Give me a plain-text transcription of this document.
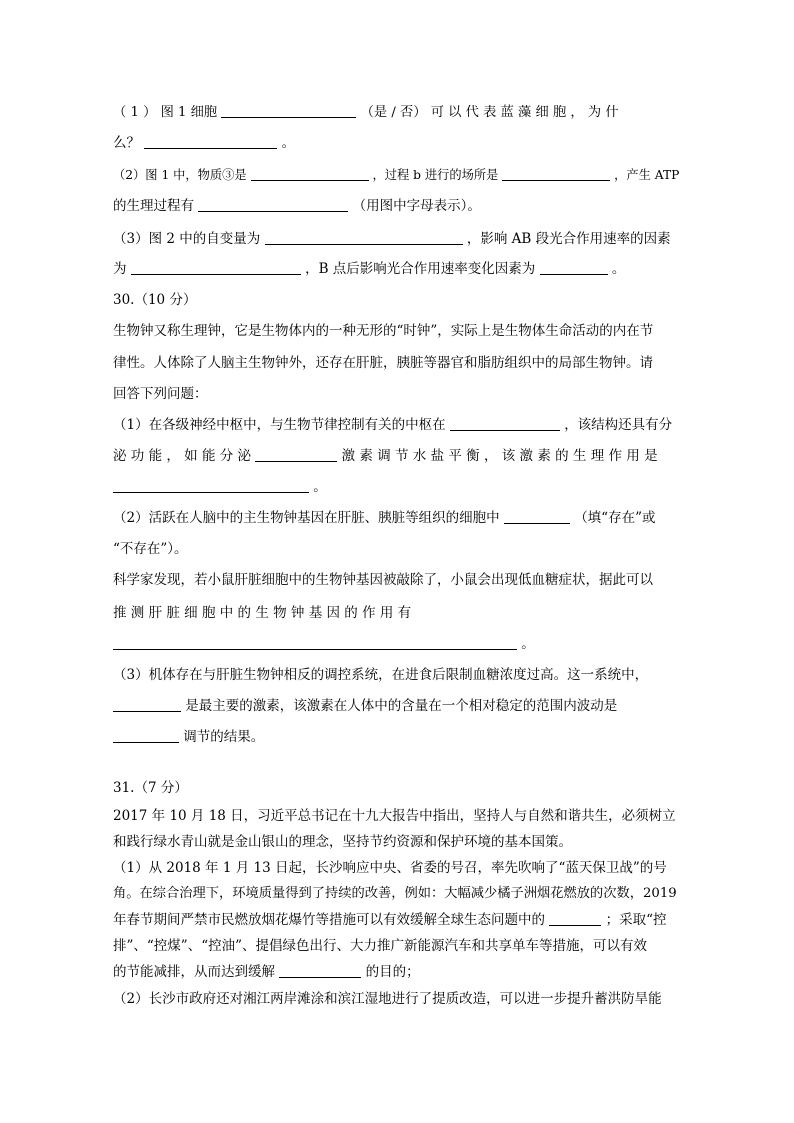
（ 1 ） 图 1 细胞	（是 / 否） 可 以 代 表 蓝 藻 细 胞 ， 为 什
么？	。
（2）图 1 中，物质③是	，过程 b 进行的场所是	，产生 ATP
的生理过程有	（用图中字母表示）。
（3）图 2 中的自变量为	，影响 AB 段光合作用速率的因素
为	，B 点后影响光合作用速率变化因素为	。
30.（10 分）
生物钟又称生理钟，它是生物体内的一种无形的“时钟”，实际上是生物体生命活动的内在节
律性。人体除了人脑主生物钟外，还存在肝脏，胰脏等器官和脂肪组织中的局部生物钟。请
回答下列问题：
（1）在各级神经中枢中，与生物节律控制有关的中枢在	，该结构还具有分
泌 功 能 ， 如 能 分 泌	激 素 调 节 水 盐 平 衡 ， 该 激 素 的 生 理 作 用 是
。
（2）活跃在人脑中的主生物钟基因在肝脏、胰脏等组织的细胞中	（填“存在”或
“不存在”）。
科学家发现，若小鼠肝脏细胞中的生物钟基因被敲除了，小鼠会出现低血糖症状，据此可以
推 测 肝 脏 细 胞 中 的 生 物 钟 基 因 的 作 用 有
。
（3）机体存在与肝脏生物钟相反的调控系统，在进食后限制血糖浓度过高。这一系统中，
是最主要的激素，该激素在人体中的含量在一个相对稳定的范围内波动是
调节的结果。
31.（7 分）
2017 年 10 月 18 日，习近平总书记在十九大报告中指出，坚持人与自然和谐共生，必须树立
和践行绿水青山就是金山银山的理念，坚持节约资源和保护环境的基本国策。
（1）从 2018 年 1 月 13 日起，长沙响应中央、省委的号召，率先吹响了“蓝天保卫战”的号
角。在综合治理下，环境质量得到了持续的改善，例如：大幅减少橘子洲烟花燃放的次数，2019
年春节期间严禁市民燃放烟花爆竹等措施可以有效缓解全球生态问题中的	；采取“控
排”、“控煤”、“控油”、提倡绿色出行、大力推广新能源汽车和共享单车等措施，可以有效
的节能减排，从而达到缓解	的目的；
（2）长沙市政府还对湘江两岸滩涂和滨江湿地进行了提质改造，可以进一步提升蓄洪防旱能
